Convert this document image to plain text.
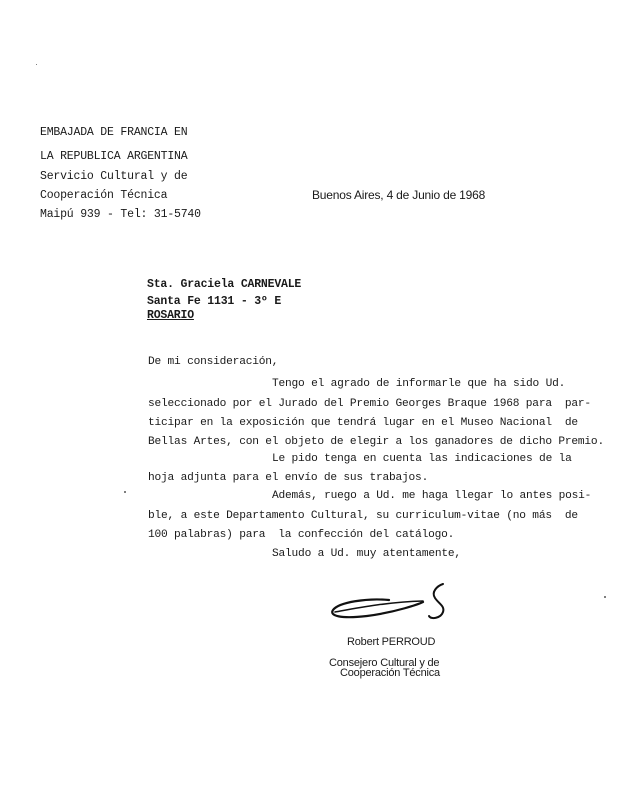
EMBAJADA DE FRANCIA EN
LA REPUBLICA ARGENTINA
Servicio Cultural y de
Cooperación Técnica
Maipú 939 - Tel: 31-5740
Buenos Aires, 4 de Junio de 1968
Sta. Graciela CARNEVALE
Santa Fe 1131 - 3º E
ROSARIO
De mi consideración,
Tengo el agrado de informarle que ha sido Ud.
seleccionado por el Jurado del Premio Georges Braque 1968 para  par-
ticipar en la exposición que tendrá lugar en el Museo Nacional  de
Bellas Artes, con el objeto de elegir a los ganadores de dicho Premio.
Le pido tenga en cuenta las indicaciones de la
hoja adjunta para el envío de sus trabajos.
Además, ruego a Ud. me haga llegar lo antes posi-
ble, a este Departamento Cultural, su curriculum-vitae (no más  de
100 palabras) para  la confección del catálogo.
Saludo a Ud. muy atentamente,
Robert PERROUD
Consejero Cultural y de
Cooperación Técnica
